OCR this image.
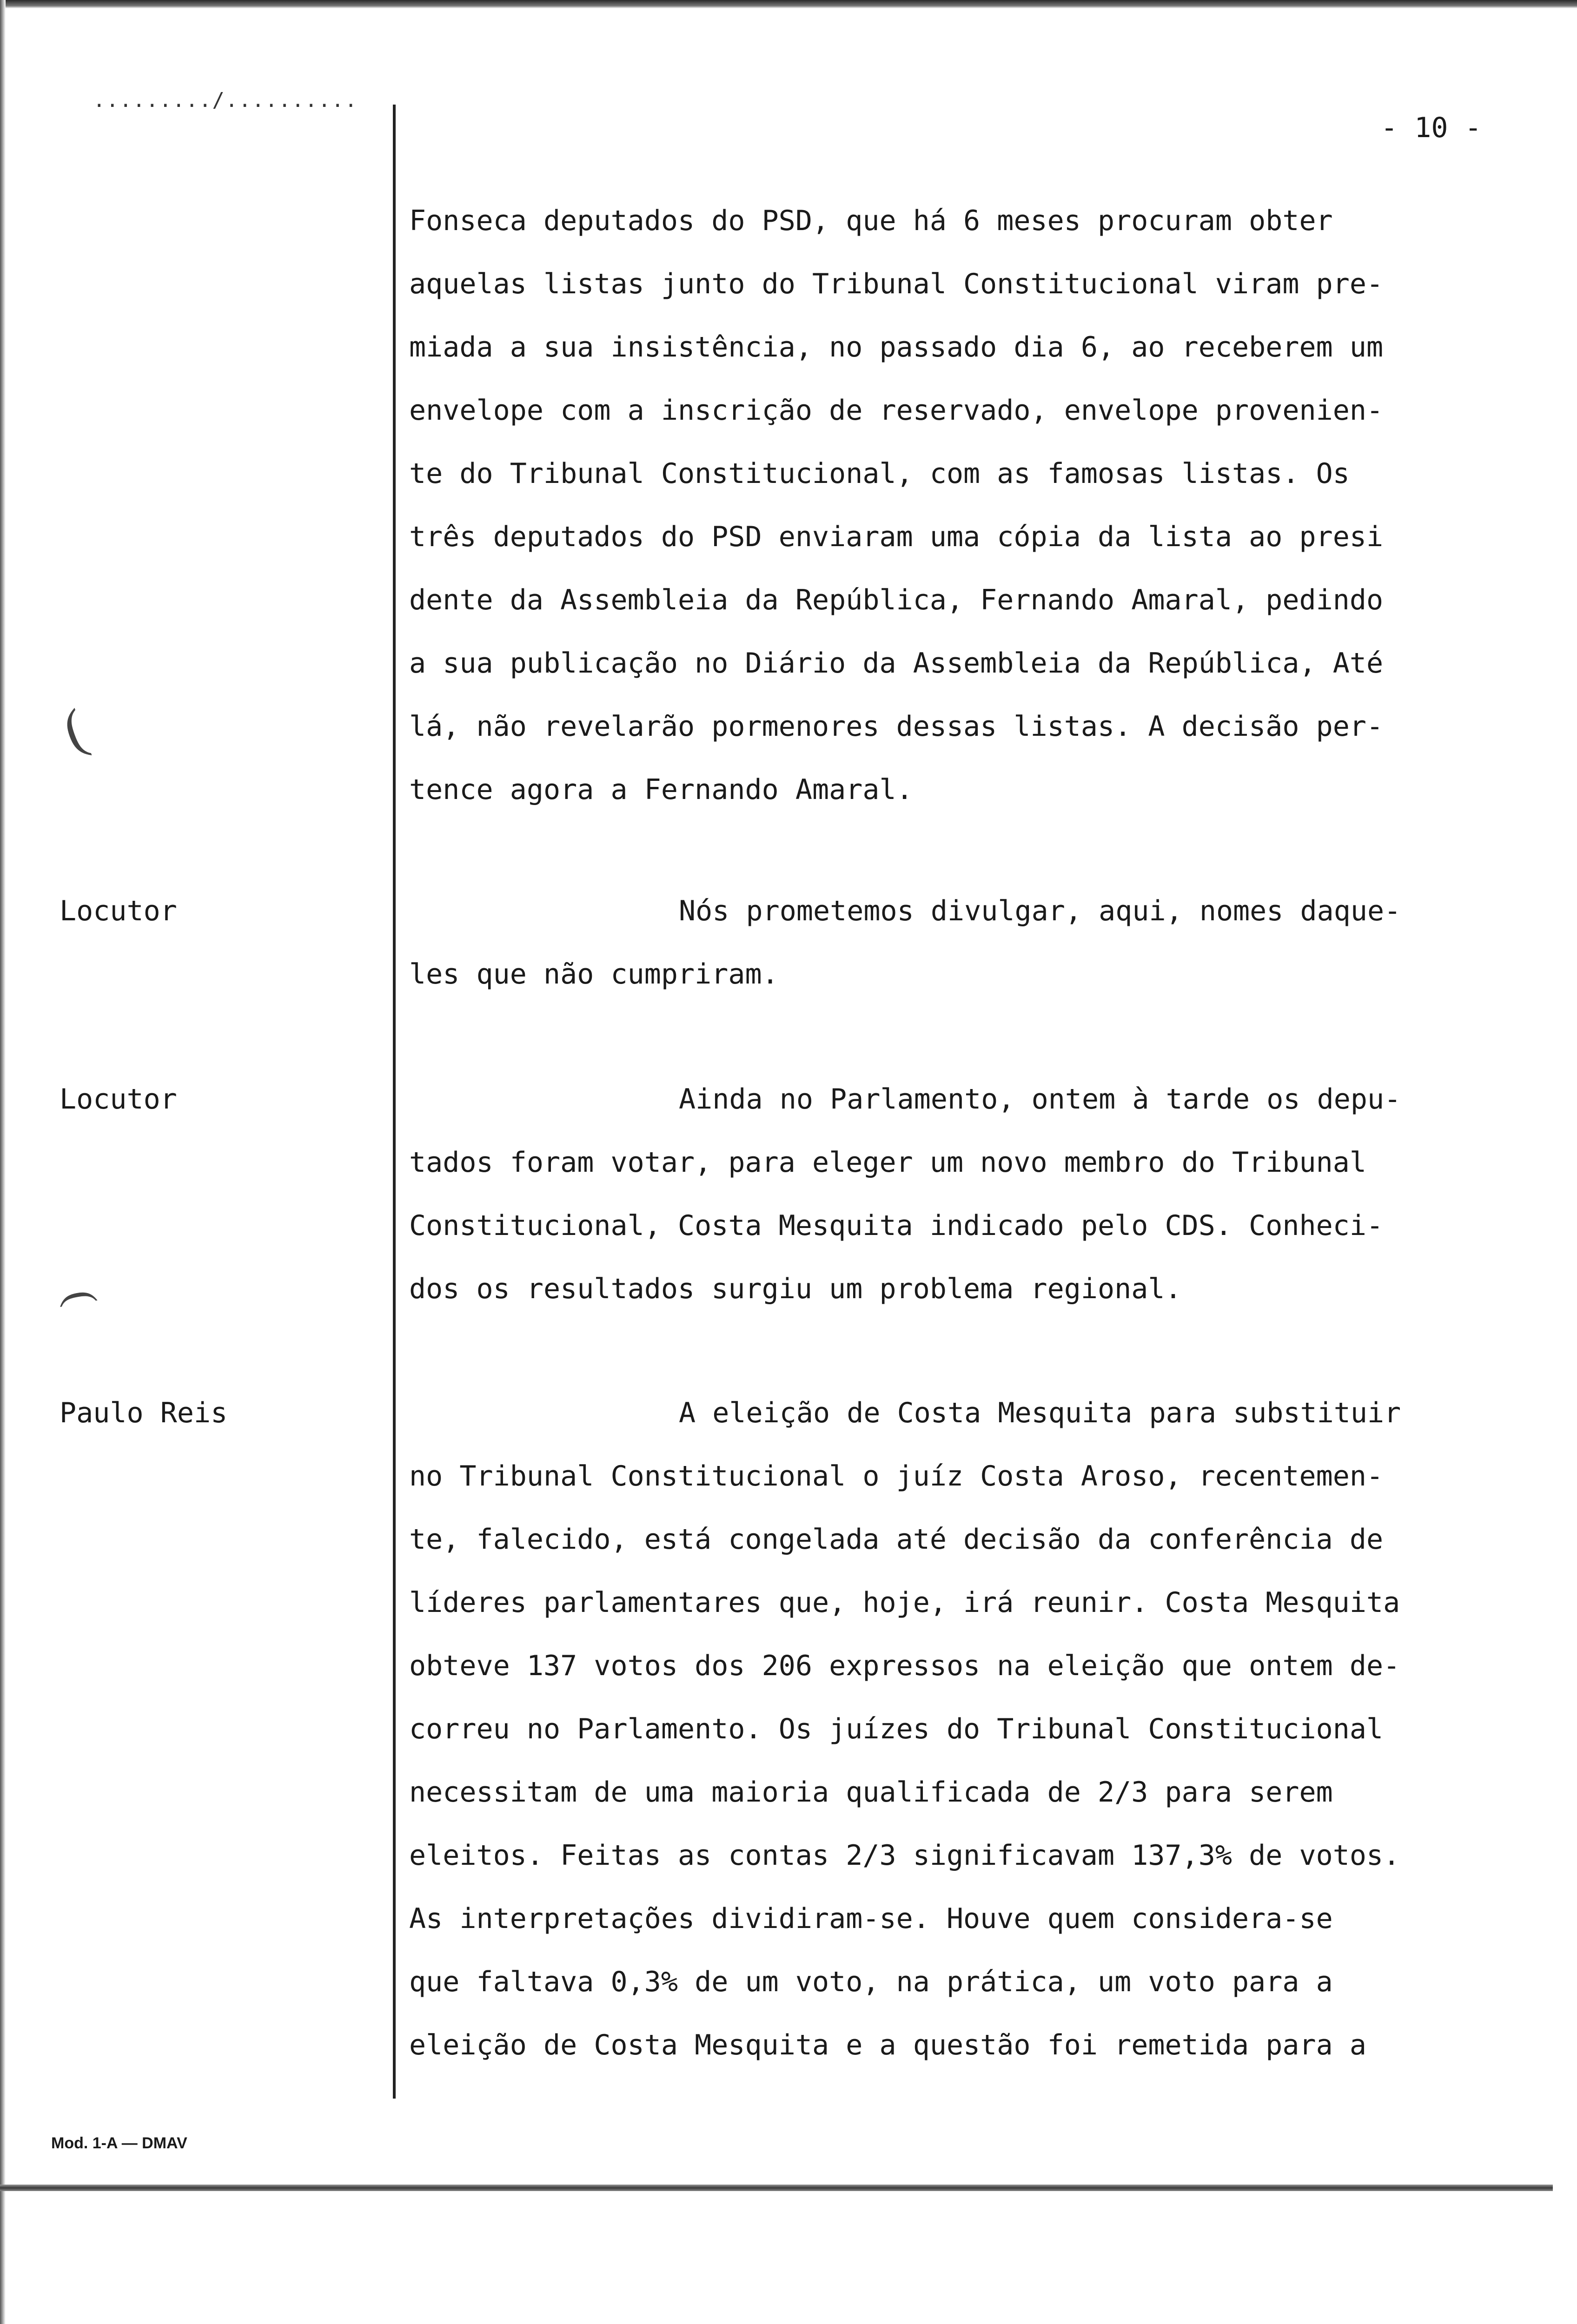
........./..........
- 10 -
(
(
Locutor
Locutor
Paulo Reis
Fonseca deputados do PSD, que há 6 meses procuram obter
aquelas listas junto do Tribunal Constitucional viram pre-
miada a sua insistência, no passado dia 6, ao receberem um
envelope com a inscrição de reservado, envelope provenien-
te do Tribunal Constitucional, com as famosas listas. Os
três deputados do PSD enviaram uma cópia da lista ao presi
dente da Assembleia da República, Fernando Amaral, pedindo
a sua publicação no Diário da Assembleia da República, Até
lá, não revelarão pormenores dessas listas. A decisão per-
tence agora a Fernando Amaral.
Nós prometemos divulgar, aqui, nomes daque-
les que não cumpriram.
Ainda no Parlamento, ontem à tarde os depu-
tados foram votar, para eleger um novo membro do Tribunal
Constitucional, Costa Mesquita indicado pelo CDS. Conheci-
dos os resultados surgiu um problema regional.
A eleição de Costa Mesquita para substituir
no Tribunal Constitucional o juíz Costa Aroso, recentemen-
te, falecido, está congelada até decisão da conferência de
líderes parlamentares que, hoje, irá reunir. Costa Mesquita
obteve 137 votos dos 206 expressos na eleição que ontem de-
correu no Parlamento. Os juízes do Tribunal Constitucional
necessitam de uma maioria qualificada de 2/3 para serem
eleitos. Feitas as contas 2/3 significavam 137,3% de votos.
As interpretações dividiram-se. Houve quem considera-se
que faltava 0,3% de um voto, na prática, um voto para a
eleição de Costa Mesquita e a questão foi remetida para a
Mod. 1-A — DMAV
